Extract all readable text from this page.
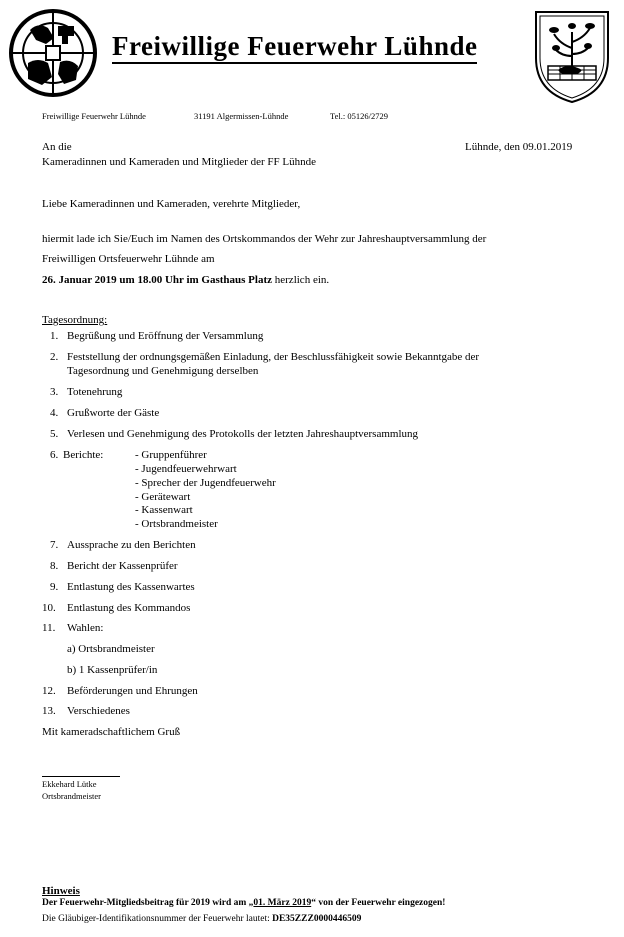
Freiwillige Feuerwehr Lühnde
Freiwillige Feuerwehr Lühnde	31191 Algermissen-Lühnde	Tel.: 05126/2729
An die
Kameradinnen und Kameraden und Mitglieder der FF Lühnde
Lühnde, den 09.01.2019
Liebe Kameradinnen und Kameraden, verehrte Mitglieder,
hiermit lade ich Sie/Euch im Namen des Ortskommandos der Wehr zur Jahreshauptversammlung der
Freiwilligen Ortsfeuerwehr Lühnde am
26. Januar 2019 um 18.00 Uhr im Gasthaus Platz herzlich ein.
Tagesordnung:
1. Begrüßung und Eröffnung der Versammlung
2. Feststellung der ordnungsgemäßen Einladung, der Beschlussfähigkeit sowie Bekanntgabe der
Tagesordnung und Genehmigung derselben
3. Totenehrung
4. Grußworte der Gäste
5. Verlesen und Genehmigung des Protokolls der letzten Jahreshauptversammlung
6. Berichte:	- Gruppenführer
- Jugendfeuerwehrwart
- Sprecher der Jugendfeuerwehr
- Gerätewart
- Kassenwart
- Ortsbrandmeister
7. Aussprache zu den Berichten
8. Bericht der Kassenprüfer
9. Entlastung des Kassenwartes
10. Entlastung des Kommandos
11. Wahlen:
a) Ortsbrandmeister
b) 1 Kassenprüfer/in
12. Beförderungen und Ehrungen
13. Verschiedenes
Mit kameradschaftlichem Gruß
Ekkehard Lütke
Ortsbrandmeister
Hinweis
Der Feuerwehr-Mitgliedsbeitrag für 2019 wird am „01. März 2019“ von der Feuerwehr eingezogen!
Die Gläubiger-Identifikationsnummer der Feuerwehr lautet: DE35ZZZ0000446509
